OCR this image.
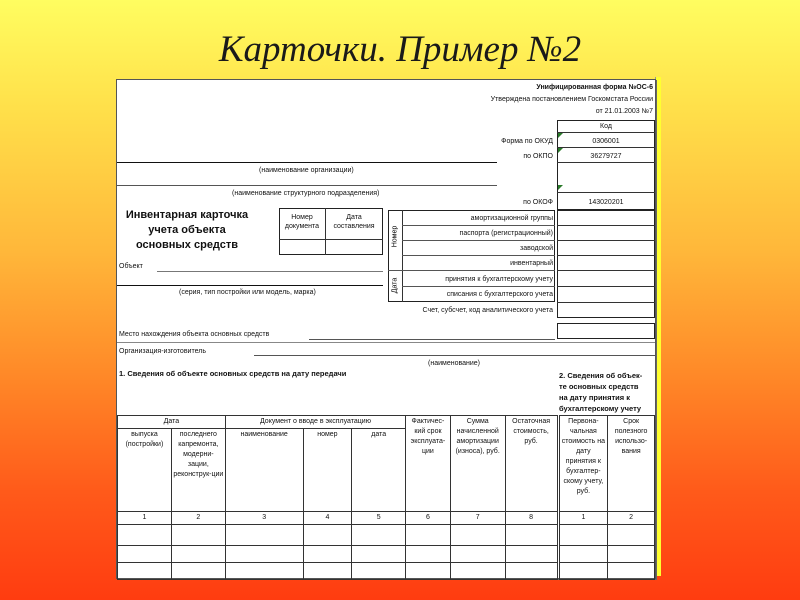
Карточки. Пример №2
Унифицированная форма №ОС-6
Утверждена постановлением Госкомстата России
от 21.01.2003 №7
Код
Форма по ОКУД	0306001
по ОКПО	36279727
по ОКОФ	143020201
(наименование организации)
(наименование структурного подразделения)
Инвентарная карточка
учета объекта
основных средств
Номер
документа
Дата
составления
Объект
(серия, тип постройки или модель, марка)
Номер
Дата
амортизационной группы
паспорта (регистрационный)
заводской
инвентарный
принятия к бухгалтерскому учету
списания с бухгалтерского учета
Счет, субсчет, код аналитического учета
Место нахождения объекта основных средств
Организация-изготовитель
(наименование)
1. Сведения об объекте основных средств на дату передачи	2. Сведения об объек-
те основных средств
на дату принятия к
бухгалтерскому учету
Дата		Документ о вводе в эксплуатацию			Фактичес-кий срок эксплуата-ции	Сумма начисленной амортизации (износа), руб.	Остаточная стоимость, руб.	Первона-чальная стоимость на дату принятия к бухгалтер-скому учету, руб.	Срок полезного использо-вания
выпуска (постройки)	последнего капремонта, модерни-зации, реконструк-ции	наименование	номер	дата					
1	2	3	4	5	6	7	8	1	2
